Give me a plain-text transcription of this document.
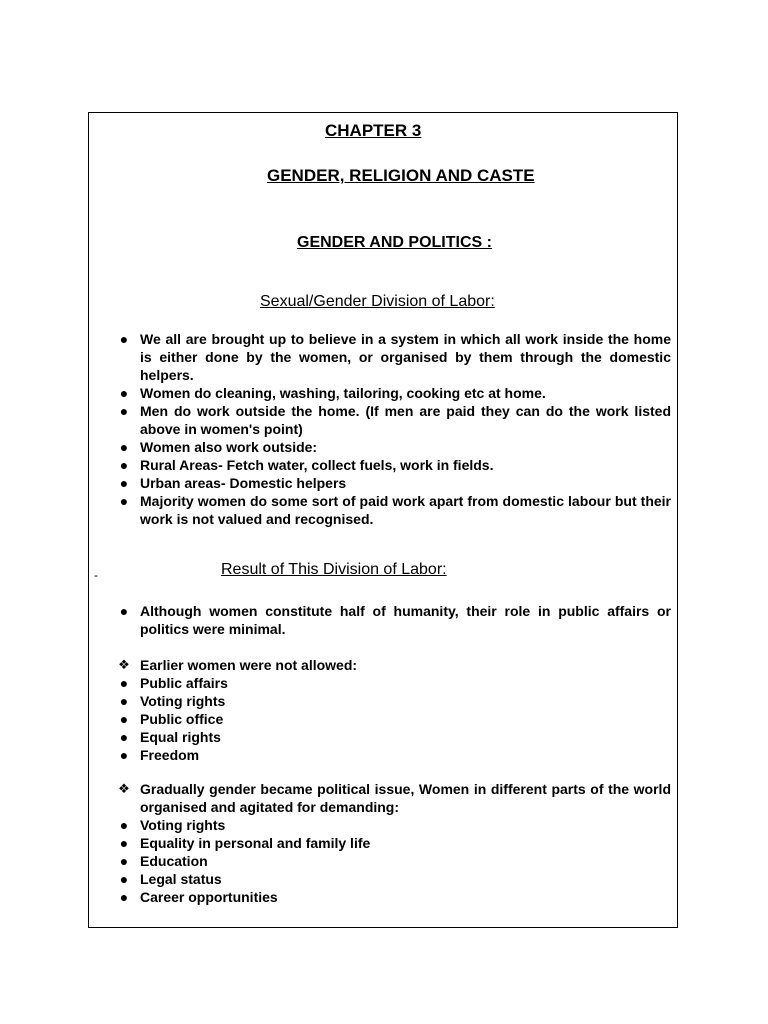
CHAPTER 3
GENDER, RELIGION AND CASTE
GENDER AND POLITICS :
Sexual/Gender Division of Labor:
● We all are brought up to believe in a system in which all work inside the home is either done by the women, or organised by them through the domestic helpers.
● Women do cleaning, washing, tailoring, cooking etc at home.
● Men do work outside the home. (If men are paid they can do the work listed above in women's point)
● Women also work outside:
● Rural Areas- Fetch water, collect fuels, work in fields.
● Urban areas- Domestic helpers
● Majority women do some sort of paid work apart from domestic labour but their work is not valued and recognised.
-	Result of This Division of Labor:
● Although women constitute half of humanity, their role in public affairs or politics were minimal.
❖ Earlier women were not allowed:
● Public affairs
● Voting rights
● Public office
● Equal rights
● Freedom
❖ Gradually gender became political issue, Women in different parts of the world organised and agitated for demanding:
● Voting rights
● Equality in personal and family life
● Education
● Legal status
● Career opportunities
